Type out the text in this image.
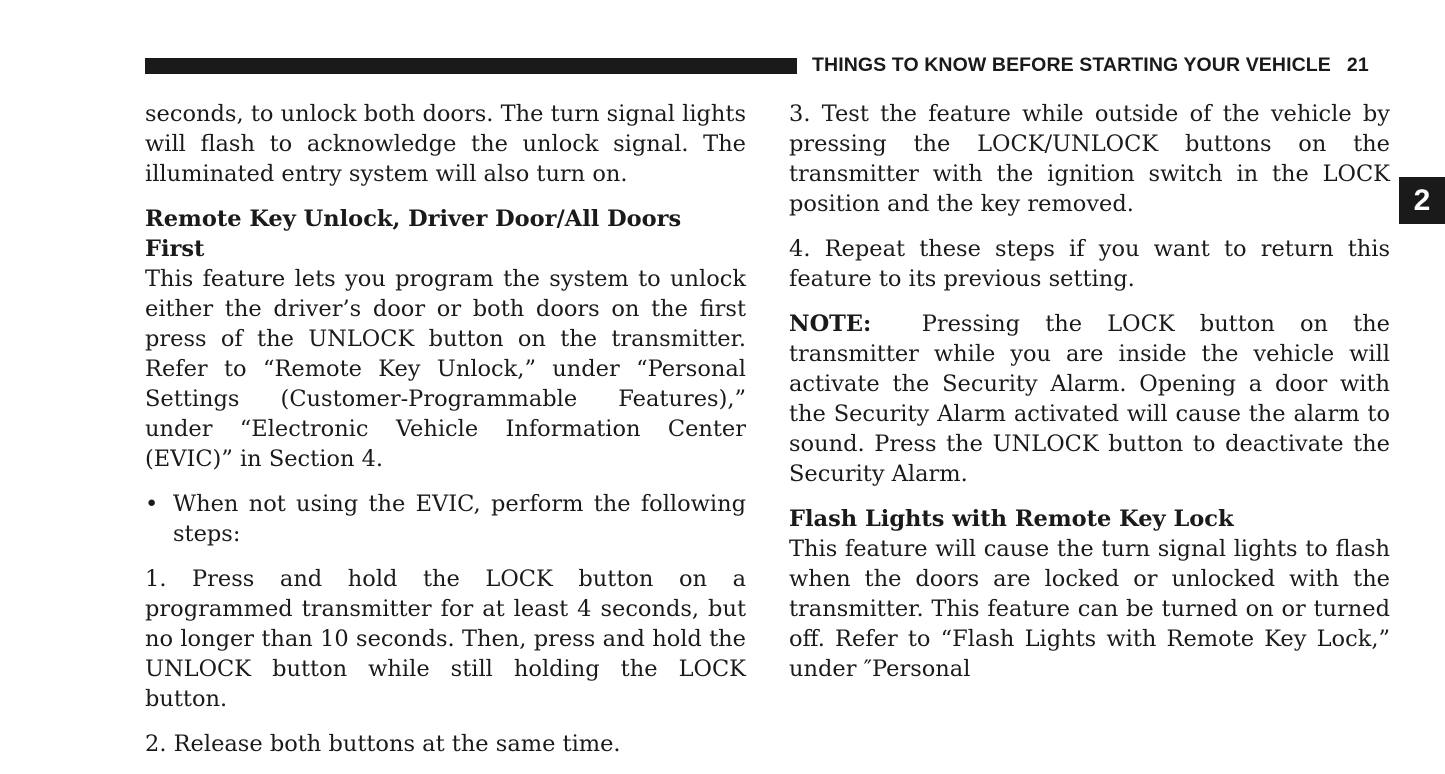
THINGS TO KNOW BEFORE STARTING YOUR VEHICLE 21
2

seconds, to unlock both doors. The turn signal lights will flash to acknowledge the unlock signal. The illuminated entry system will also turn on.

Remote Key Unlock, Driver Door/All Doors First

This feature lets you program the system to unlock either the driver’s door or both doors on the first press of the UNLOCK button on the transmitter. Refer to “Remote Key Unlock,” under “Personal Settings (Customer-Programmable Features),” under “Electronic Vehicle Information Center (EVIC)” in Section 4.

• When not using the EVIC, perform the following steps:

1. Press and hold the LOCK button on a programmed transmitter for at least 4 seconds, but no longer than 10 seconds. Then, press and hold the UNLOCK button while still holding the LOCK button.

2. Release both buttons at the same time.

3. Test the feature while outside of the vehicle by pressing the LOCK/UNLOCK buttons on the transmitter with the ignition switch in the LOCK position and the key removed.

4. Repeat these steps if you want to return this feature to its previous setting.

NOTE: Pressing the LOCK button on the transmitter while you are inside the vehicle will activate the Security Alarm. Opening a door with the Security Alarm activated will cause the alarm to sound. Press the UNLOCK button to deactivate the Security Alarm.

Flash Lights with Remote Key Lock

This feature will cause the turn signal lights to flash when the doors are locked or unlocked with the transmitter. This feature can be turned on or turned off. Refer to “Flash Lights with Remote Key Lock,” under ″Personal
